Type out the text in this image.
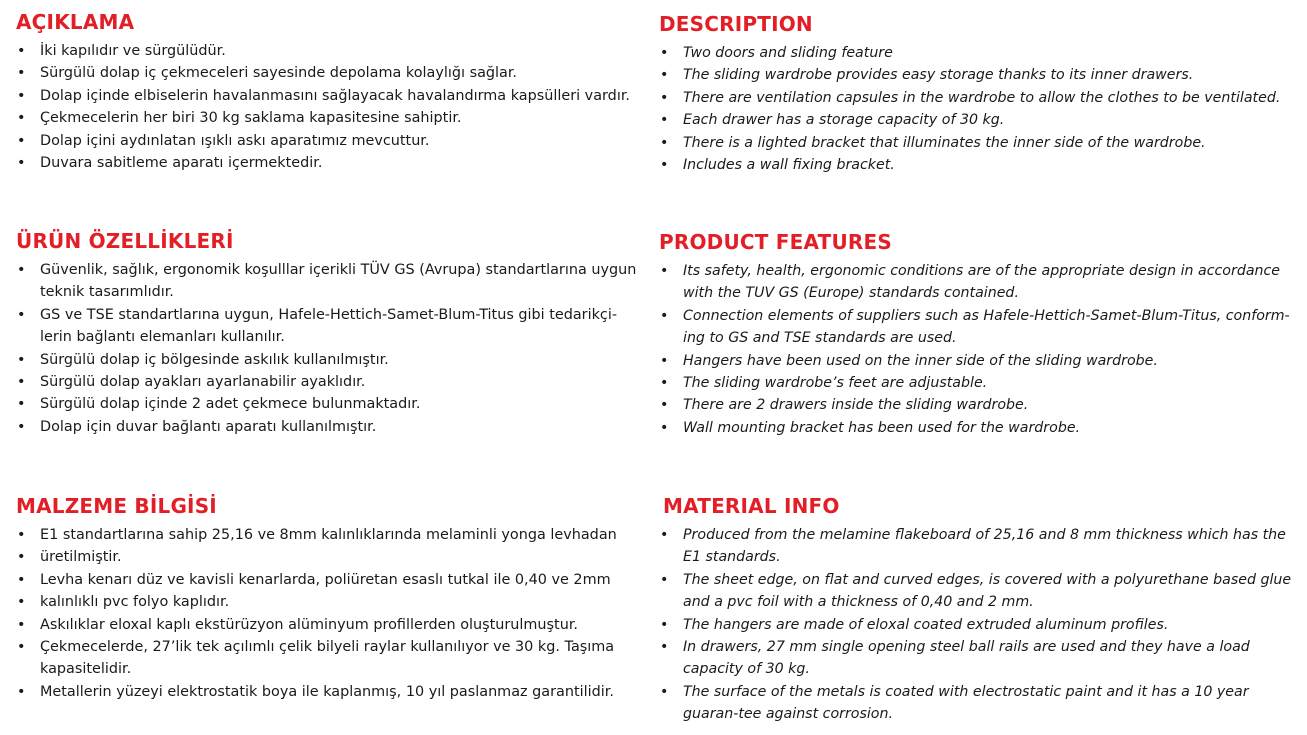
AÇIKLAMA
• İki kapılıdır ve sürgülüdür.
• Sürgülü dolap iç çekmeceleri sayesinde depolama kolaylığı sağlar.
• Dolap içinde elbiselerin havalanmasını sağlayacak havalandırma kapsülleri vardır.
• Çekmecelerin her biri 30 kg saklama kapasitesine sahiptir.
• Dolap içini aydınlatan ışıklı askı aparatımız mevcuttur.
• Duvara sabitleme aparatı içermektedir.
ÜRÜN ÖZELLİKLERİ
• Güvenlik, sağlık, ergonomik koşulllar içerikli TÜV GS (Avrupa) standartlarına uygun teknik tasarımlıdır.
• GS ve TSE standartlarına uygun, Hafele-Hettich-Samet-Blum-Titus gibi tedarikçi-lerin bağlantı elemanları kullanılır.
• Sürgülü dolap iç bölgesinde askılık kullanılmıştır.
• Sürgülü dolap ayakları ayarlanabilir ayaklıdır.
• Sürgülü dolap içinde 2 adet çekmece bulunmaktadır.
• Dolap için duvar bağlantı aparatı kullanılmıştır.
MALZEME BİLGİSİ
• E1 standartlarına sahip 25,16 ve 8mm kalınlıklarında melaminli yonga levhadan
• üretilmiştir.
• Levha kenarı düz ve kavisli kenarlarda, poliüretan esaslı tutkal ile 0,40 ve 2mm
• kalınlıklı pvc folyo kaplıdır.
• Askılıklar eloxal kaplı ekstürüzyon alüminyum profillerden oluşturulmuştur.
• Çekmecelerde, 27’lik tek açılımlı çelik bilyeli raylar kullanılıyor ve 30 kg. Taşıma kapasitelidir.
• Metallerin yüzeyi elektrostatik boya ile kaplanmış, 10 yıl paslanmaz garantilidir.
DESCRIPTION
• Two doors and sliding feature
• The sliding wardrobe provides easy storage thanks to its inner drawers.
• There are ventilation capsules in the wardrobe to allow the clothes to be ventilated.
• Each drawer has a storage capacity of 30 kg.
• There is a lighted bracket that illuminates the inner side of the wardrobe.
• Includes a wall fixing bracket.
PRODUCT FEATURES
• Its safety, health, ergonomic conditions are of the appropriate design in accordance with the TUV GS (Europe) standards contained.
• Connection elements of suppliers such as Hafele-Hettich-Samet-Blum-Titus, conform-ing to GS and TSE standards are used.
• Hangers have been used on the inner side of the sliding wardrobe.
• The sliding wardrobe’s feet are adjustable.
• There are 2 drawers inside the sliding wardrobe.
• Wall mounting bracket has been used for the wardrobe.
MATERIAL INFO
• Produced from the melamine flakeboard of 25,16 and 8 mm thickness which has the E1 standards.
• The sheet edge, on flat and curved edges, is covered with a polyurethane based glue and a pvc foil with a thickness of 0,40 and 2 mm.
• The hangers are made of eloxal coated extruded aluminum profiles.
• In drawers, 27 mm single opening steel ball rails are used and they have a load capacity of 30 kg.
• The surface of the metals is coated with electrostatic paint and it has a 10 year guaran-tee against corrosion.
